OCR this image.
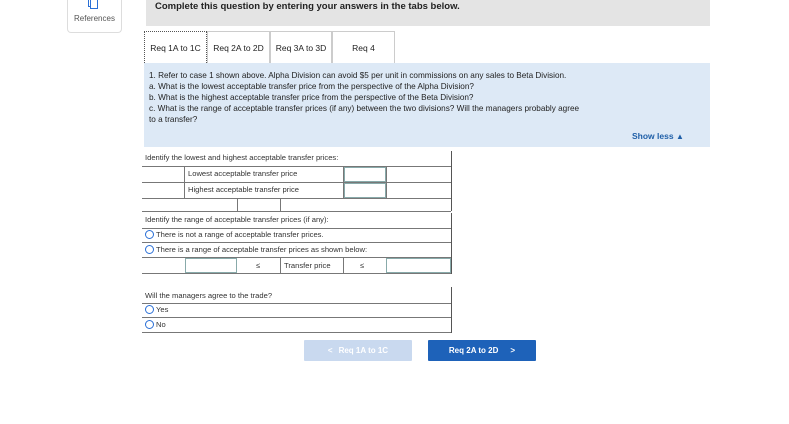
References
Complete this question by entering your answers in the tabs below.
Req 1A to 1C	Req 2A to 2D	Req 3A to 3D	Req 4
1. Refer to case 1 shown above. Alpha Division can avoid $5 per unit in commissions on any sales to Beta Division.
a. What is the lowest acceptable transfer price from the perspective of the Alpha Division?
b. What is the highest acceptable transfer price from the perspective of the Beta Division?
c. What is the range of acceptable transfer prices (if any) between the two divisions? Will the managers probably agree
to a transfer?
Show less ▲
Identify the lowest and highest acceptable transfer prices:
Lowest acceptable transfer price
Highest acceptable transfer price
Identify the range of acceptable transfer prices (if any):
There is not a range of acceptable transfer prices.
There is a range of acceptable transfer prices as shown below:
≤	Transfer price	≤
Will the managers agree to the trade?
Yes
No
< Req 1A to 1C	Req 2A to 2D >
